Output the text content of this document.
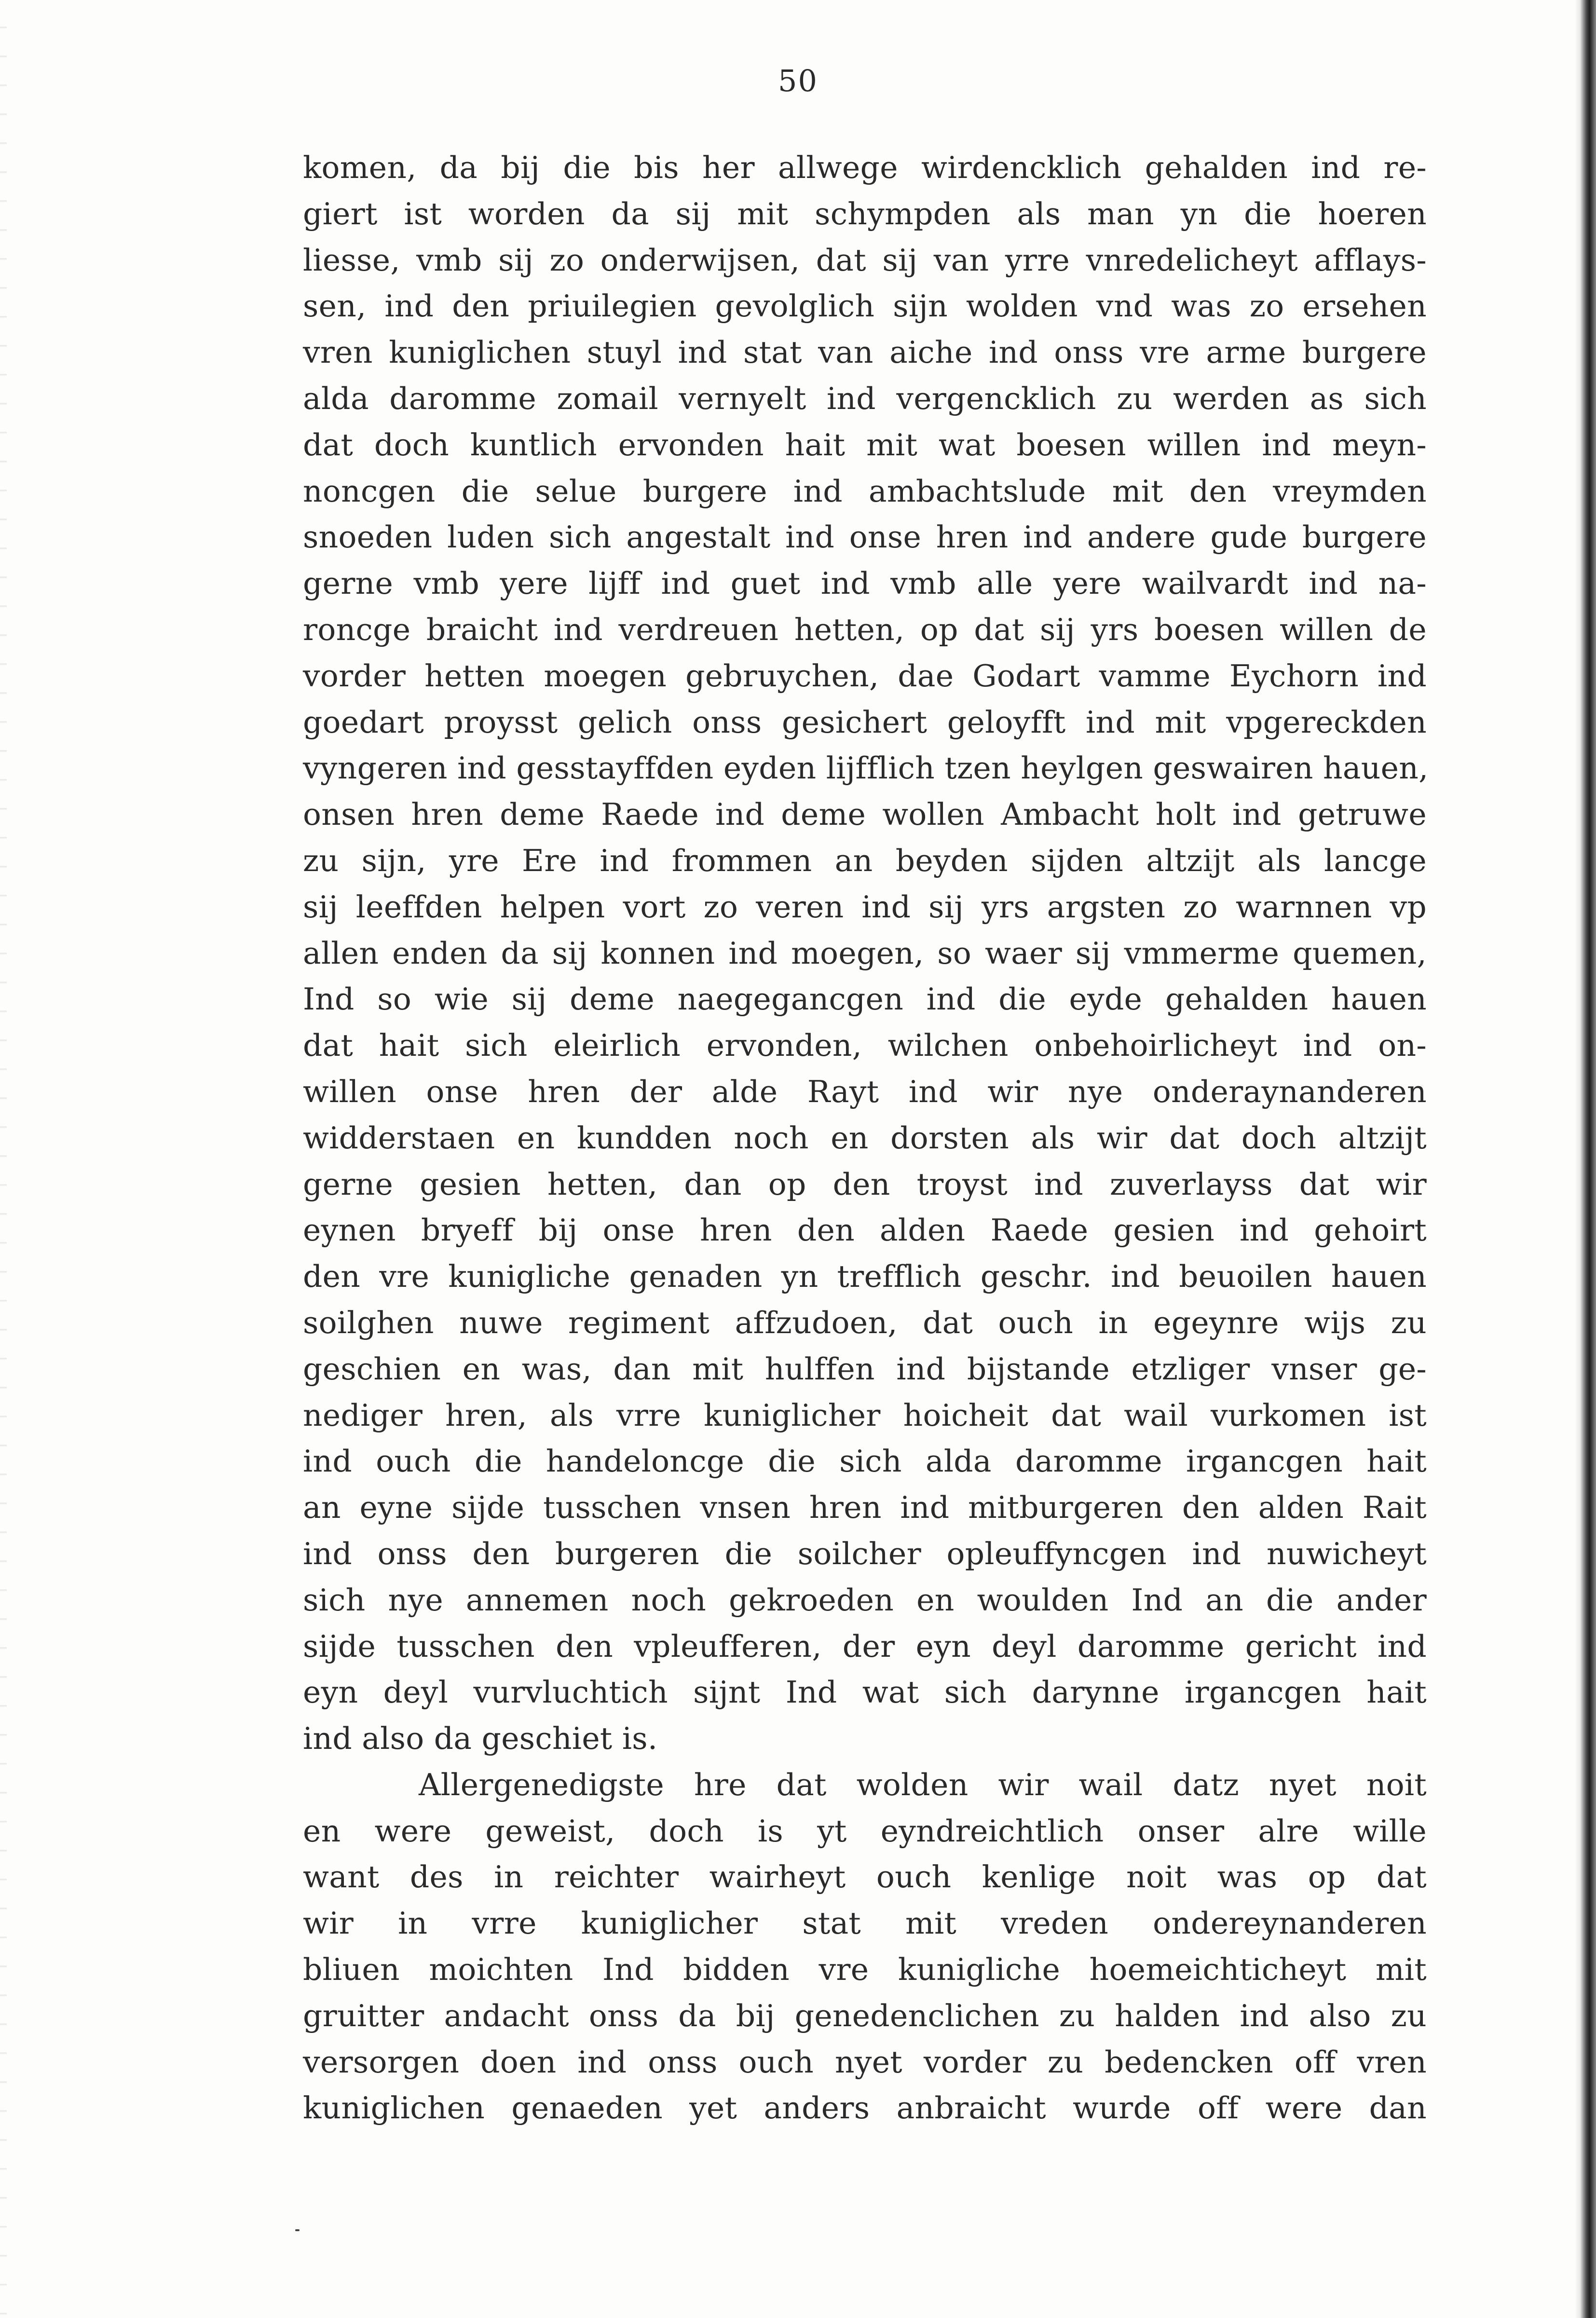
50
komen, da bij die bis her allwege wirdencklich gehalden ind re-
giert ist worden da sij mit schympden als man yn die hoeren
liesse, vmb sij zo onderwijsen, dat sij van yrre vnredelicheyt afflays-
sen, ind den priuilegien gevolglich sijn wolden vnd was zo ersehen
vren kuniglichen stuyl ind stat van aiche ind onss vre arme burgere
alda daromme zomail vernyelt ind vergencklich zu werden as sich
dat doch kuntlich ervonden hait mit wat boesen willen ind meyn-
noncgen die selue burgere ind ambachtslude mit den vreymden
snoeden luden sich angestalt ind onse hren ind andere gude burgere
gerne vmb yere lijff ind guet ind vmb alle yere wailvardt ind na-
roncge braicht ind verdreuen hetten, op dat sij yrs boesen willen de
vorder hetten moegen gebruychen, dae Godart vamme Eychorn ind
goedart proysst gelich onss gesichert geloyfft ind mit vpgereckden
vyngeren ind gesstayffden eyden lijfflich tzen heylgen geswairen hauen,
onsen hren deme Raede ind deme wollen Ambacht holt ind getruwe
zu sijn, yre Ere ind frommen an beyden sijden altzijt als lancge
sij leeffden helpen vort zo veren ind sij yrs argsten zo warnnen vp
allen enden da sij konnen ind moegen, so waer sij vmmerme quemen,
Ind so wie sij deme naegegancgen ind die eyde gehalden hauen
dat hait sich eleirlich ervonden, wilchen onbehoirlicheyt ind on-
willen onse hren der alde Rayt ind wir nye onderaynanderen
widderstaen en kundden noch en dorsten als wir dat doch altzijt
gerne gesien hetten, dan op den troyst ind zuverlayss dat wir
eynen bryeff bij onse hren den alden Raede gesien ind gehoirt
den vre kunigliche genaden yn trefflich geschr. ind beuoilen hauen
soilghen nuwe regiment affzudoen, dat ouch in egeynre wijs zu
geschien en was, dan mit hulffen ind bijstande etzliger vnser ge-
nediger hren, als vrre kuniglicher hoicheit dat wail vurkomen ist
ind ouch die handeloncge die sich alda daromme irgancgen hait
an eyne sijde tusschen vnsen hren ind mitburgeren den alden Rait
ind onss den burgeren die soilcher opleuffyncgen ind nuwicheyt
sich nye annemen noch gekroeden en woulden Ind an die ander
sijde tusschen den vpleufferen, der eyn deyl daromme gericht ind
eyn deyl vurvluchtich sijnt Ind wat sich darynne irgancgen hait
ind also da geschiet is.
Allergenedigste hre dat wolden wir wail datz nyet noit
en were geweist, doch is yt eyndreichtlich onser alre wille
want des in reichter wairheyt ouch kenlige noit was op dat
wir in vrre kuniglicher stat mit vreden ondereynanderen
bliuen moichten Ind bidden vre kunigliche hoemeichticheyt mit
gruitter andacht onss da bij genedenclichen zu halden ind also zu
versorgen doen ind onss ouch nyet vorder zu bedencken off vren
kuniglichen genaeden yet anders anbraicht wurde off were dan
